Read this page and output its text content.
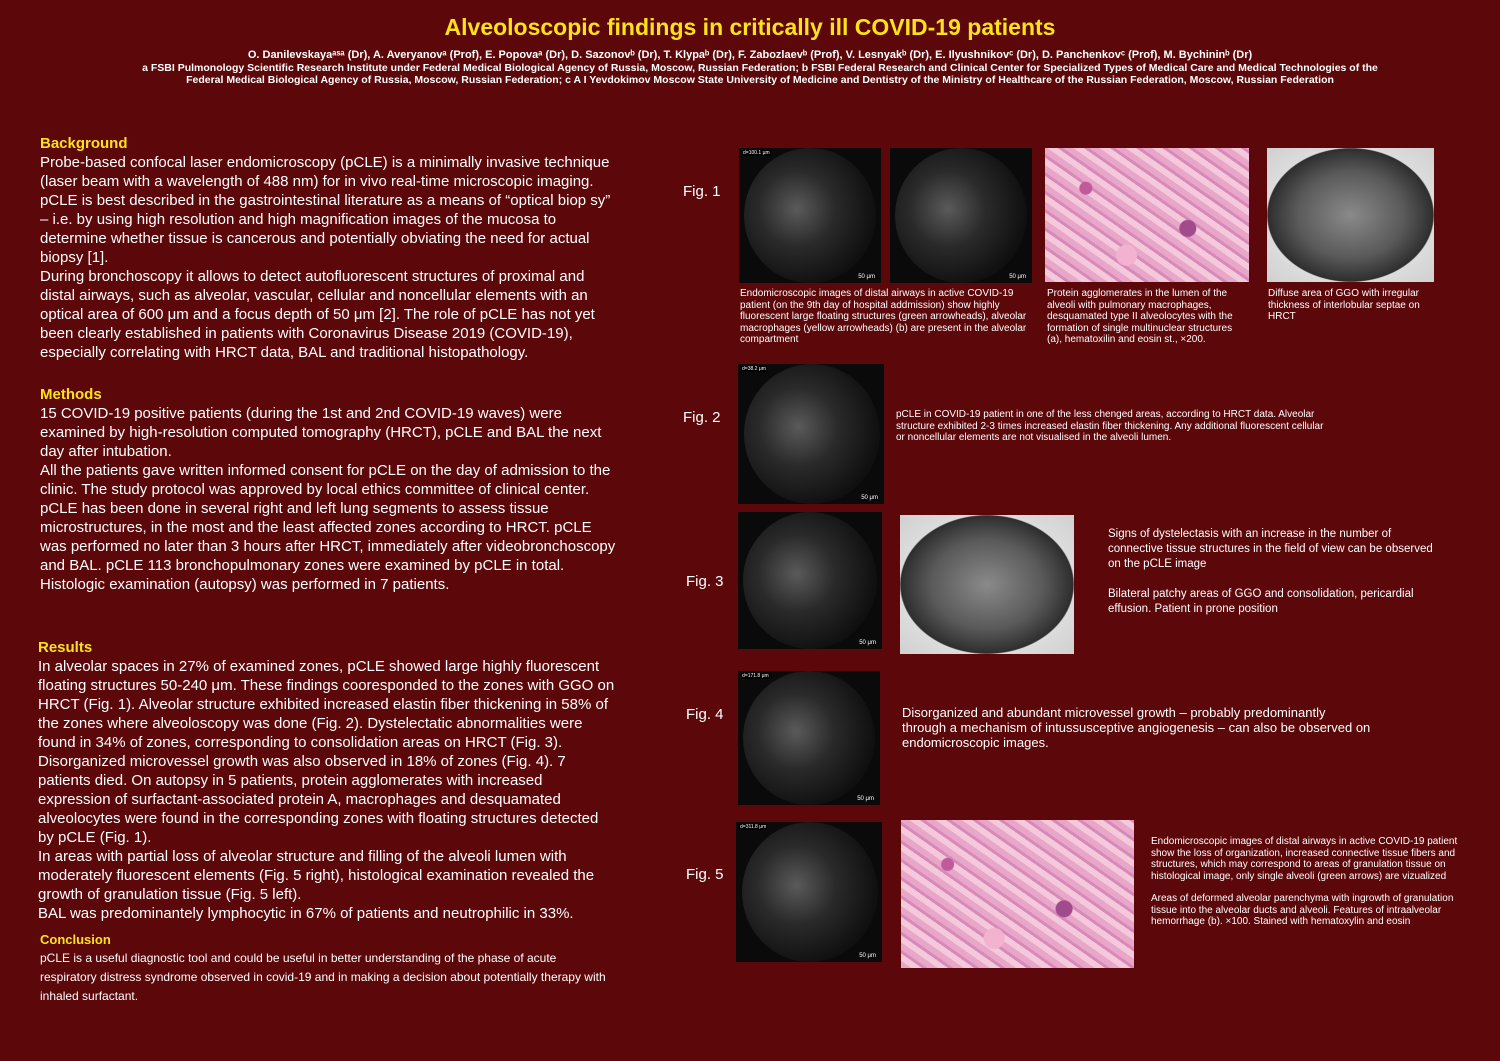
Alveoloscopic findings in critically ill COVID-19 patients
O. Danilevskayaᵃˢᵃ (Dr), A. Averyanovᵃ (Prof), E. Popovaᵃ (Dr), D. Sazonovᵇ (Dr), T. Klypaᵇ (Dr), F. Zabozlaevᵇ (Prof), V. Lesnyakᵇ (Dr), E. Ilyushnikovᶜ (Dr), D. Panchenkovᶜ (Prof), M. Bychininᵇ (Dr)
a FSBI Pulmonology Scientific Research Institute under Federal Medical Biological Agency of Russia, Moscow, Russian Federation; b FSBI Federal Research and Clinical Center for Specialized Types of Medical Care and Medical Technologies of the
Federal Medical Biological Agency of Russia, Moscow, Russian Federation; c A I Yevdokimov Moscow State University of Medicine and Dentistry of the Ministry of Healthcare of the Russian Federation, Moscow, Russian Federation
Background

Probe-based confocal laser endomicroscopy (pCLE) is a minimally invasive technique (laser beam with a wavelength of 488 nm) for in vivo real-time microscopic imaging. pCLE is best described in the gastrointestinal literature as a means of “optical biop sy” – i.e. by using high resolution and high magnification images of the mucosa to determine whether tissue is cancerous and potentially obviating the need for actual biopsy [1].

During bronchoscopy it allows to detect autofluorescent structures of proximal and distal airways, such as alveolar, vascular, cellular and noncellular elements with an optical area of 600 μm and a focus depth of 50 μm [2]. The role of pCLE has not yet been clearly established in patients with Coronavirus Disease 2019 (COVID-19), especially correlating with HRCT data, BAL and traditional histopathology.

Methods

15 COVID-19 positive patients (during the 1st and 2nd COVID-19 waves) were examined by high-resolution computed tomography (HRCT), pCLE and BAL the next day after intubation.

All the patients gave written informed consent for pCLE on the day of admission to the clinic. The study protocol was approved by local ethics committee of clinical center.

pCLE has been done in several right and left lung segments to assess tissue microstructures, in the most and the least affected zones according to HRCT. pCLE was performed no later than 3 hours after HRCT, immediately after videobronchoscopy and BAL. pCLE 113 bronchopulmonary zones were examined by pCLE in total. Histologic examination (autopsy) was performed in 7 patients.

Results

In alveolar spaces in 27% of examined zones, pCLE showed large highly fluorescent floating structures 50-240 μm. These findings cooresponded to the zones with GGO on HRCT (Fig. 1). Alveolar structure exhibited increased elastin fiber thickening in 58% of the zones where alveoloscopy was done (Fig. 2). Dystelectatic abnormalities were found in 34% of zones, corresponding to consolidation areas on HRCT (Fig. 3). Disorganized microvessel growth was also observed in 18% of zones (Fig. 4). 7 patients died. On autopsy in 5 patients, protein agglomerates with increased expression of surfactant-associated protein A, macrophages and desquamated alveolocytes were found in the corresponding zones with floating structures detected by pCLE (Fig. 1).

In areas with partial loss of alveolar structure and filling of the alveoli lumen with moderately fluorescent elements (Fig. 5 right), histological examination revealed the growth of granulation tissue (Fig. 5 left).

BAL was predominantely lymphocytic in 67% of patients and neutrophilic in 33%.

Conclusion
pCLE is a useful diagnostic tool and could be useful in better understanding of the phase of acute respiratory distress syndrome observed in covid-19 and in making a decision about potentially therapy with inhaled surfactant.
Fig. 1
d=100.1 μm
50 μm	50 μm
Endomicroscopic images of distal airways in active COVID-19 patient (on the 9th day of hospital addmission) show highly fluorescent large floating structures (green arrowheads), alveolar macrophages (yellow arrowheads) (b) are present in the alveolar compartment
Protein agglomerates in the lumen of the alveoli with pulmonary macrophages, desquamated type II alveolocytes with the formation of single multinuclear structures (a), hematoxilin and eosin st., ×200.
Diffuse area of GGO with irregular thickness of interlobular septae on HRCT
Fig. 2
d=38.2 μm
50 μm
pCLE in COVID-19 patient in one of the less chenged areas, according to HRCT data. Alveolar structure exhibited 2-3 times increased elastin fiber thickening. Any additional fluorescent cellular or noncellular elements are not visualised in the alveoli lumen.
Fig. 3
50 μm

Signs of dystelectasis with an increase in the number of connective tissue structures in the field of view can be observed on the pCLE image

Bilateral patchy areas of GGO and consolidation, pericardial effusion. Patient in prone position

Fig. 4
d=171.8 μm
50 μm
Disorganized and abundant microvessel growth – probably predominantly through a mechanism of intussusceptive angiogenesis – can also be observed on endomicroscopic images.
Fig. 5
d=311.8 μm
50 μm

Endomicroscopic images of distal airways in active COVID-19 patient show the loss of organization, increased connective tissue fibers and structures, which may correspond to areas of granulation tissue on histological image, only single alveoli (green arrows) are vizualized

Areas of deformed alveolar parenchyma with ingrowth of granulation tissue into the alveolar ducts and alveoli. Features of intraalveolar hemorrhage (b). ×100. Stained with hematoxylin and eosin
